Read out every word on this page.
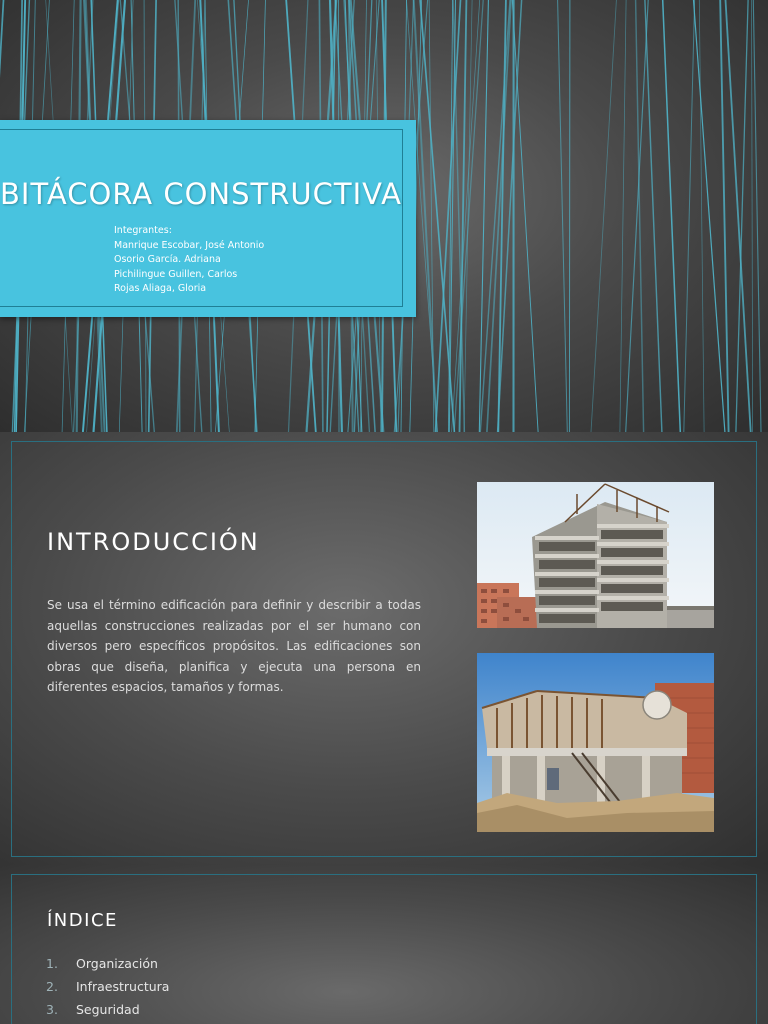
BITÁCORA CONSTRUCTIVA
Integrantes:
Manrique Escobar, José Antonio
Osorio García. Adriana
Pichilingue Guillen, Carlos
Rojas Aliaga, Gloria
INTRODUCCIÓN
Se usa el término edificación para definir y describir a todas aquellas construcciones realizadas por el ser humano con diversos pero específicos propósitos. Las edificaciones son obras que diseña, planifica y ejecuta una persona en diferentes espacios, tamaños y formas.
ÍNDICE
1. Organización
2. Infraestructura
3. Seguridad
